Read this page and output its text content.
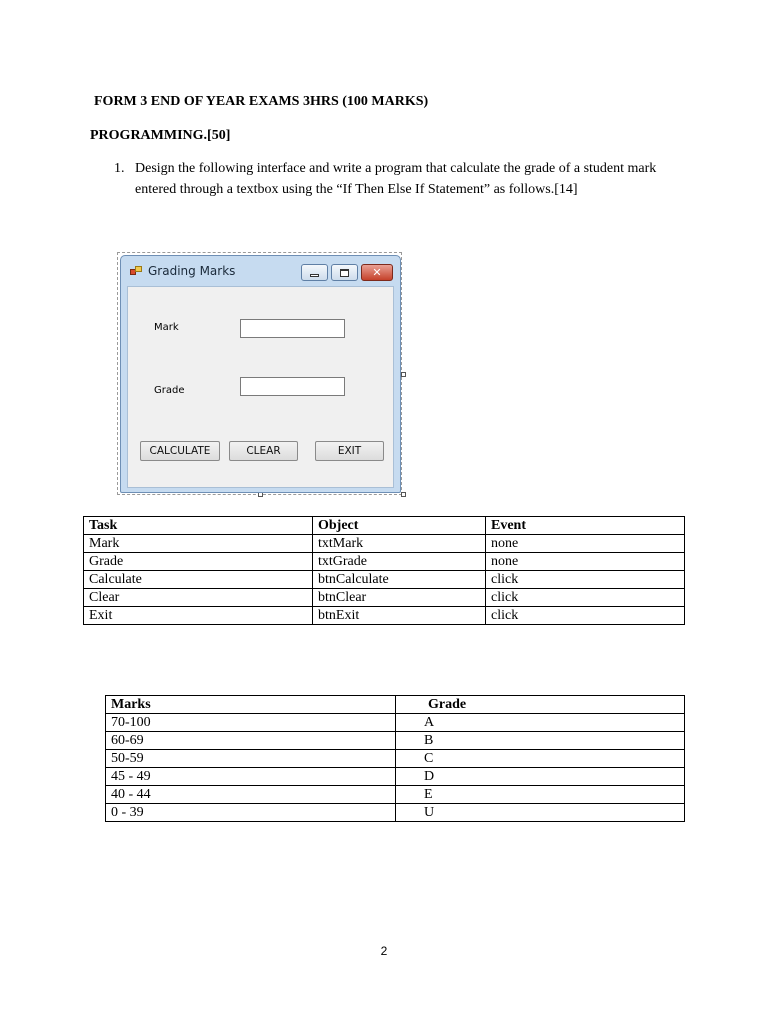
FORM 3 END OF YEAR EXAMS 3HRS (100 MARKS)
PROGRAMMING.[50]
1. Design the following interface and write a program that calculate the grade of a student mark entered through a textbox using the “If Then Else If Statement” as follows.[14]
Grading Marks	✕
Mark
Grade
CALCULATE	CLEAR	EXIT
Task	Object	Event
Mark	txtMark	none
Grade	txtGrade	none
Calculate	btnCalculate	click
Clear	btnClear	click
Exit	btnExit	click
Marks	Grade
70-100	A
60-69	B
50-59	C
45 - 49	D
40 - 44	E
0 - 39	U
2
